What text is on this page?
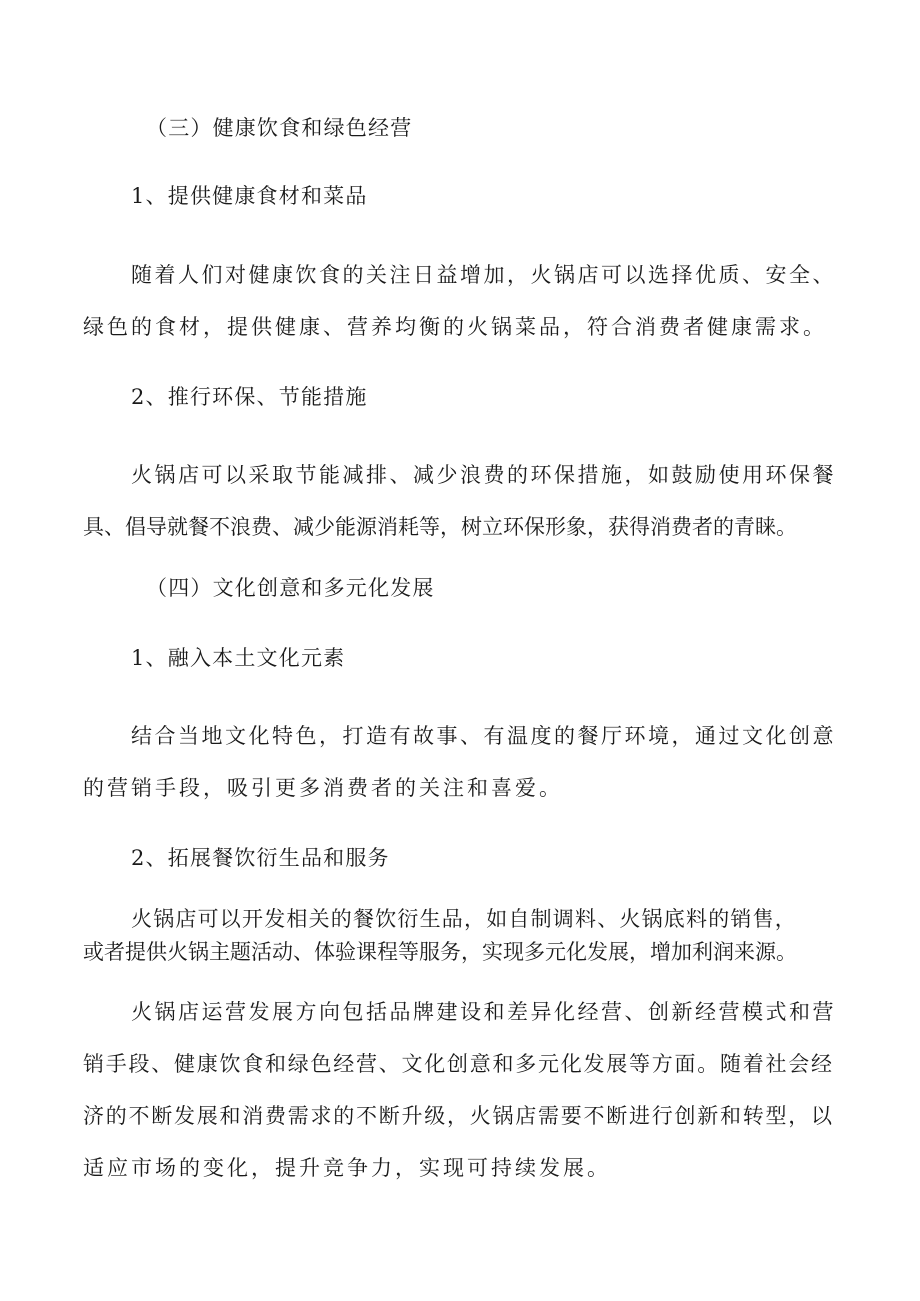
（三）健康饮食和绿色经营
1、提供健康食材和菜品
随着人们对健康饮食的关注日益增加，火锅店可以选择优质、安全、
绿色的食材，提供健康、营养均衡的火锅菜品，符合消费者健康需求。
2、推行环保、节能措施
火锅店可以采取节能减排、减少浪费的环保措施，如鼓励使用环保餐
具、倡导就餐不浪费、减少能源消耗等，树立环保形象，获得消费者的青睐。
（四）文化创意和多元化发展
1、融入本土文化元素
结合当地文化特色，打造有故事、有温度的餐厅环境，通过文化创意
的营销手段，吸引更多消费者的关注和喜爱。
2、拓展餐饮衍生品和服务
火锅店可以开发相关的餐饮衍生品，如自制调料、火锅底料的销售，
或者提供火锅主题活动、体验课程等服务，实现多元化发展，增加利润来源。
火锅店运营发展方向包括品牌建设和差异化经营、创新经营模式和营
销手段、健康饮食和绿色经营、文化创意和多元化发展等方面。随着社会经
济的不断发展和消费需求的不断升级，火锅店需要不断进行创新和转型，以
适应市场的变化，提升竞争力，实现可持续发展。
